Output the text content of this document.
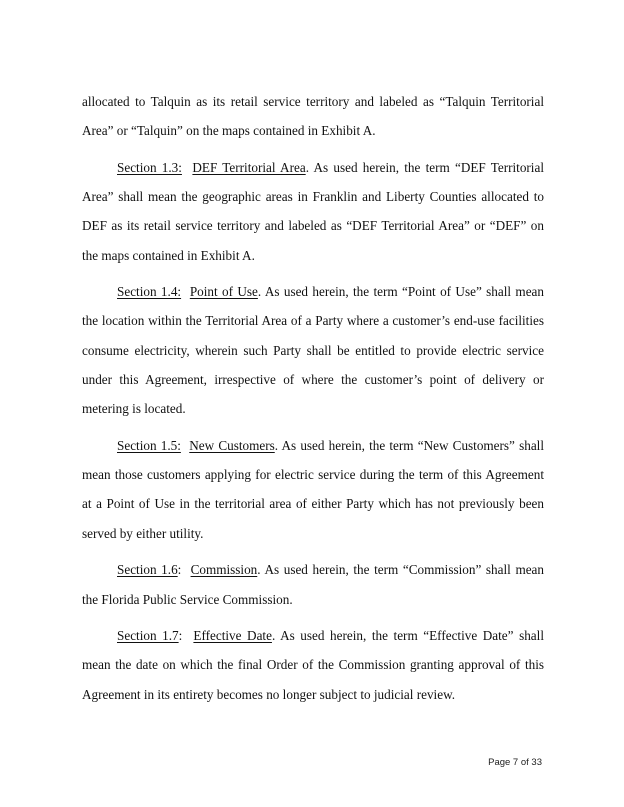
allocated to Talquin as its retail service territory and labeled as “Talquin Territorial Area” or “Talquin” on the maps contained in Exhibit A.

Section 1.3: DEF Territorial Area. As used herein, the term “DEF Territorial Area” shall mean the geographic areas in Franklin and Liberty Counties allocated to DEF as its retail service territory and labeled as “DEF Territorial Area” or “DEF” on the maps contained in Exhibit A.

Section 1.4: Point of Use. As used herein, the term “Point of Use” shall mean the location within the Territorial Area of a Party where a customer’s end-use facilities consume electricity, wherein such Party shall be entitled to provide electric service under this Agreement, irrespective of where the customer’s point of delivery or metering is located.

Section 1.5: New Customers. As used herein, the term “New Customers” shall mean those customers applying for electric service during the term of this Agreement at a Point of Use in the territorial area of either Party which has not previously been served by either utility.

Section 1.6:  Commission. As used herein, the term “Commission” shall mean the Florida Public Service Commission.

Section 1.7:  Effective Date. As used herein, the term “Effective Date” shall mean the date on which the final Order of the Commission granting approval of this Agreement in its entirety becomes no longer subject to judicial review.

Page 7 of 33
